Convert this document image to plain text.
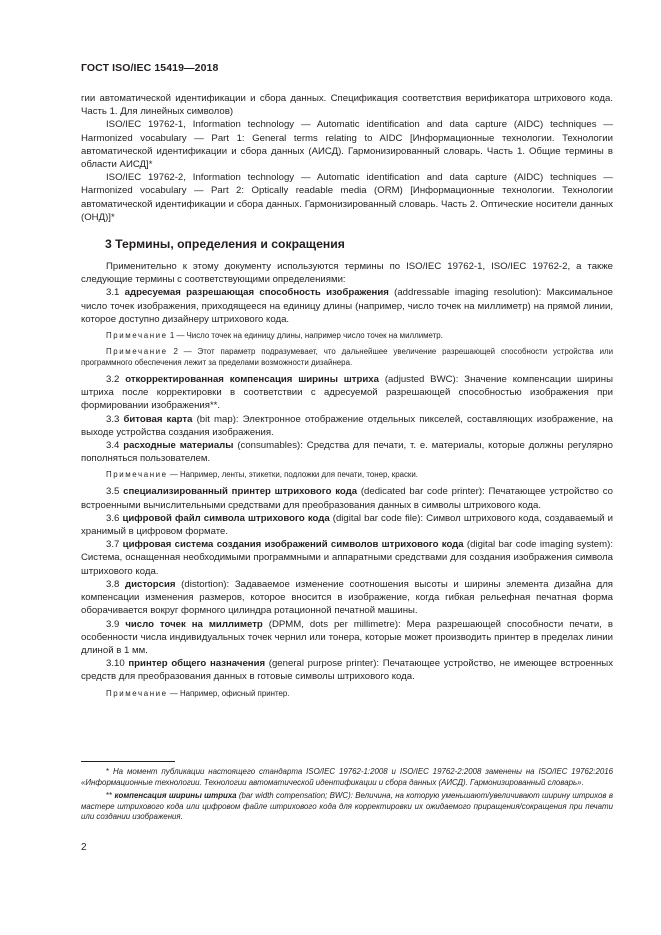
ГОСТ ISO/IEC 15419—2018

гии автоматической идентификации и сбора данных. Спецификация соответствия верификатора штрихового кода. Часть 1. Для линейных символов)

ISO/IEC 19762-1, Information technology — Automatic identification and data capture (AIDC) techniques — Harmonized vocabulary — Part 1: General terms relating to AIDC [Информационные технологии. Технологии автоматической идентификации и сбора данных (АИСД). Гармонизированный словарь. Часть 1. Общие термины в области АИСД]*

ISO/IEC 19762-2, Information technology — Automatic identification and data capture (AIDC) techniques — Harmonized vocabulary — Part 2: Optically readable media (ORM) [Информационные технологии. Технологии автоматической идентификации и сбора данных. Гармонизированный словарь. Часть 2. Оптические носители данных (ОНД)]*

3 Термины, определения и сокращения

Применительно к этому документу используются термины по ISO/IEC 19762-1, ISO/IEC 19762-2, а также следующие термины с соответствующими определениями:

3.1 адресуемая разрешающая способность изображения (addressable imaging resolution): Максимальное число точек изображения, приходящееся на единицу длины (например, число точек на миллиметр) на прямой линии, которое доступно дизайнеру штрихового кода.

Примечание 1 — Число точек на единицу длины, например число точек на миллиметр.

Примечание 2 — Этот параметр подразумевает, что дальнейшее увеличение разрешающей способности устройства или программного обеспечения лежит за пределами возможности дизайнера.

3.2 откорректированная компенсация ширины штриха (adjusted BWC): Значение компенсации ширины штриха после корректировки в соответствии с адресуемой разрешающей способностью изображения при формировании изображения**.

3.3 битовая карта (bit map): Электронное отображение отдельных пикселей, составляющих изображение, на выходе устройства создания изображения.

3.4 расходные материалы (consumables): Средства для печати, т. е. материалы, которые должны регулярно пополняться пользователем.

Примечание — Например, ленты, этикетки, подложки для печати, тонер, краски.

3.5 специализированный принтер штрихового кода (dedicated bar code printer): Печатающее устройство со встроенными вычислительными средствами для преобразования данных в символы штрихового кода.

3.6 цифровой файл символа штрихового кода (digital bar code file): Символ штрихового кода, создаваемый и хранимый в цифровом формате.

3.7 цифровая система создания изображений символов штрихового кода (digital bar code imaging system): Система, оснащенная необходимыми программными и аппаратными средствами для создания изображения символа штрихового кода.

3.8 дисторсия (distortion): Задаваемое изменение соотношения высоты и ширины элемента дизайна для компенсации изменения размеров, которое вносится в изображение, когда гибкая рельефная печатная форма оборачивается вокруг формного цилиндра ротационной печатной машины.

3.9 число точек на миллиметр (DPMM, dots per millimetre): Мера разрешающей способности печати, в особенности числа индивидуальных точек чернил или тонера, которые может производить принтер в пределах линии длиной в 1 мм.

3.10 принтер общего назначения (general purpose printer): Печатающее устройство, не имеющее встроенных средств для преобразования данных в готовые символы штрихового кода.

Примечание — Например, офисный принтер.

* На момент публикации настоящего стандарта ISO/IEC 19762-1:2008 и ISO/IEC 19762-2:2008 заменены на ISO/IEC 19762:2016 «Информационные технологии. Технологии автоматической идентификации и сбора данных (АИСД). Гармонизированный словарь».

** компенсация ширины штриха (bar width compensation; BWC): Величина, на которую уменьшают/увеличивают ширину штрихов в мастере штрихового кода или цифровом файле штрихового кода для корректировки их ожидаемого приращения/сокращения при печати или создании изображения.

2
